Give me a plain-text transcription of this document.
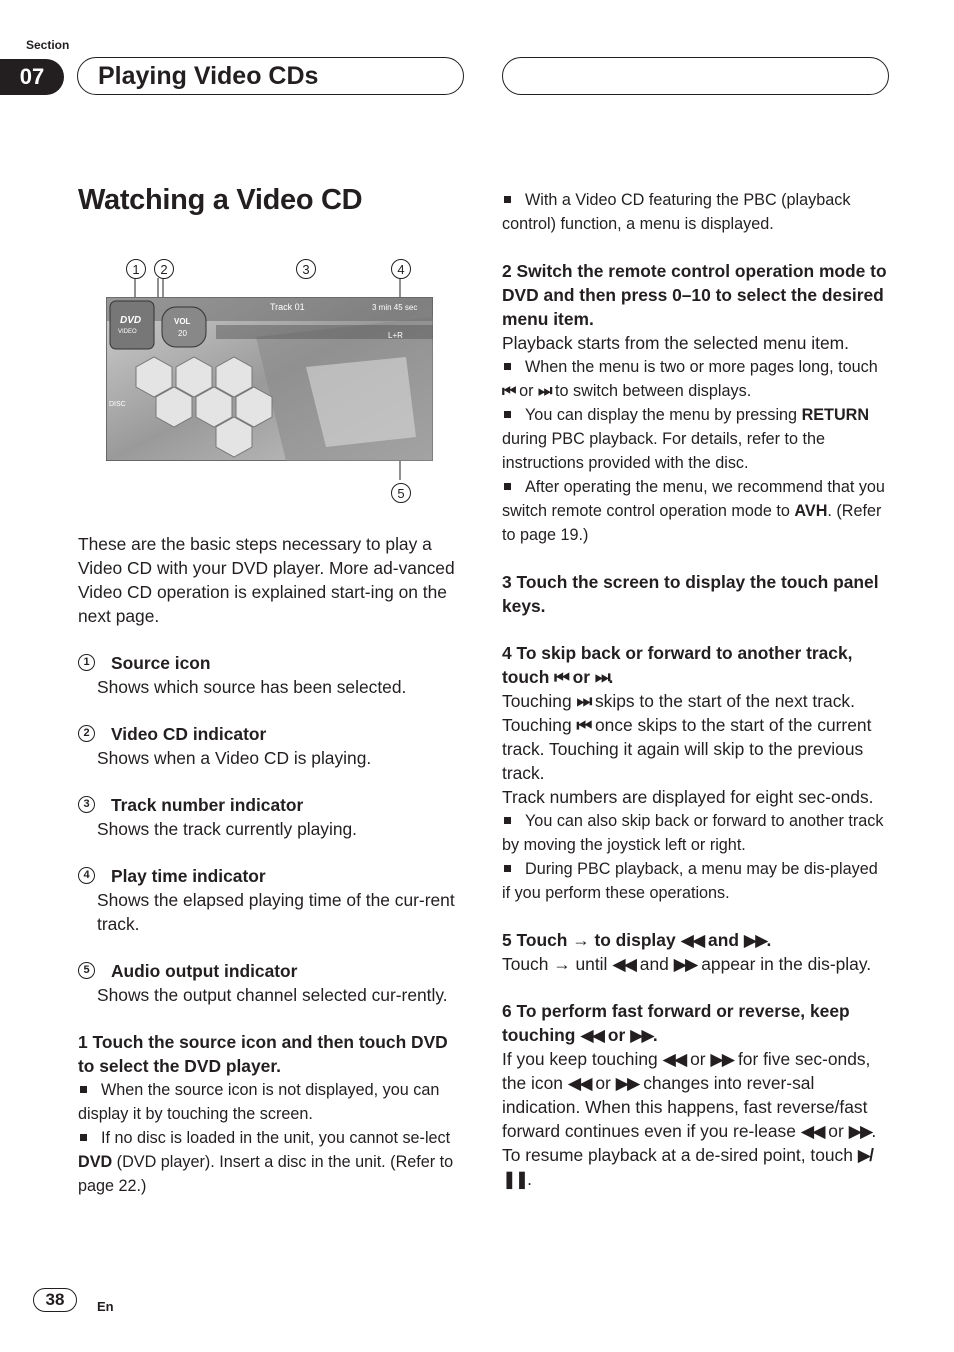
Section
07	Playing Video CDs
Watching a Video CD
1	2	3	4
5
DVD
VIDEO
VOL
20
Track 01	3 min 45 sec
L+R
DISC

These are the basic steps necessary to play a Video CD with your DVD player. More ad-vanced Video CD operation is explained start-ing on the next page.

1 Source icon

Shows which source has been selected.

2 Video CD indicator

Shows when a Video CD is playing.

3 Track number indicator

Shows the track currently playing.

4 Play time indicator

Shows the elapsed playing time of the cur-rent track.

5 Audio output indicator

Shows the output channel selected cur-rently.

1 Touch the source icon and then touch DVD to select the DVD player.

When the source icon is not displayed, you can display it by touching the screen.

If no disc is loaded in the unit, you cannot se-lect DVD (DVD player). Insert a disc in the unit. (Refer to page 22.)

With a Video CD featuring the PBC (playback control) function, a menu is displayed.

2 Switch the remote control operation mode to DVD and then press 0–10 to select the desired menu item.

Playback starts from the selected menu item.

When the menu is two or more pages long, touch ⏮ or ⏭ to switch between displays.

You can display the menu by pressing RETURN during PBC playback. For details, refer to the instructions provided with the disc.

After operating the menu, we recommend that you switch remote control operation mode to AVH. (Refer to page 19.)

3 Touch the screen to display the touch panel keys.

4 To skip back or forward to another track, touch ⏮ or ⏭.

Touching ⏭ skips to the start of the next track. Touching ⏮ once skips to the start of the current track. Touching it again will skip to the previous track.

Track numbers are displayed for eight sec-onds.

You can also skip back or forward to another track by moving the joystick left or right.

During PBC playback, a menu may be dis-played if you perform these operations.

5 Touch → to display ◀◀ and ▶▶.

Touch → until ◀◀ and ▶▶ appear in the dis-play.

6 To perform fast forward or reverse, keep touching ◀◀ or ▶▶.

If you keep touching ◀◀ or ▶▶ for five sec-onds, the icon ◀◀ or ▶▶ changes into rever-sal indication. When this happens, fast reverse/fast forward continues even if you re-lease ◀◀ or ▶▶. To resume playback at a de-sired point, touch ▶/❚❚.

38	En
